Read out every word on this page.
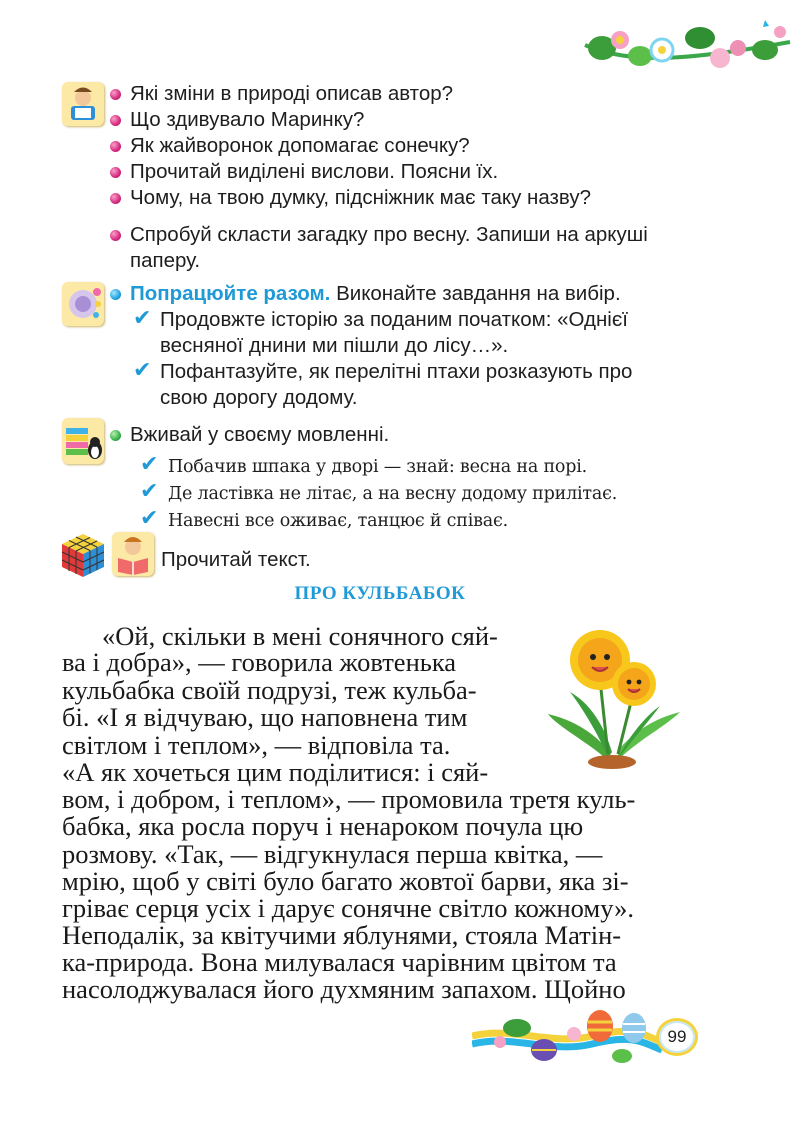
Які зміни в природі описав автор?
Що здивувало Маринку?
Як жайворонок допомагає сонечку?
Прочитай виділені вислови. Поясни їх.
Чому, на твою думку, підсніжник має таку назву?
Спробуй скласти загадку про весну. Запиши на аркуші
паперу.
Попрацюйте разом. Виконайте завдання на вибір.
✔ Продовжте історію за поданим початком: «Однієї
весняної днини ми пішли до лісу…».
✔ Пофантазуйте, як перелітні птахи розказують про
свою дорогу додому.
Вживай у своєму мовленні.
✔ Побачив шпака у дворі — знай: весна на порі.
✔ Де ластівка не літає, а на весну додому прилітає.
✔ Навесні все оживає, танцює й співає.
Прочитай текст.
ПРО КУЛЬБАБОК
«Ой, скільки в мені сонячного сяй-
ва і добра», — говорила жовтенька
кульбабка своїй подрузі, теж кульба-
бі. «І я відчуваю, що наповнена тим
світлом і теплом», — відповіла та.
«А як хочеться цим поділитися: і сяй-
вом, і добром, і теплом», — промовила третя куль-
бабка, яка росла поруч і ненароком почула цю
розмову. «Так, — відгукнулася перша квітка, —
мрію, щоб у світі було багато жовтої барви, яка зі-
гріває серця усіх і дарує сонячне світло кожному».
Неподалік, за квітучими яблунями, стояла Матін-
ка-природа. Вона милувалася чарівним цвітом та
насолоджувалася його духмяним запахом. Щойно
99
